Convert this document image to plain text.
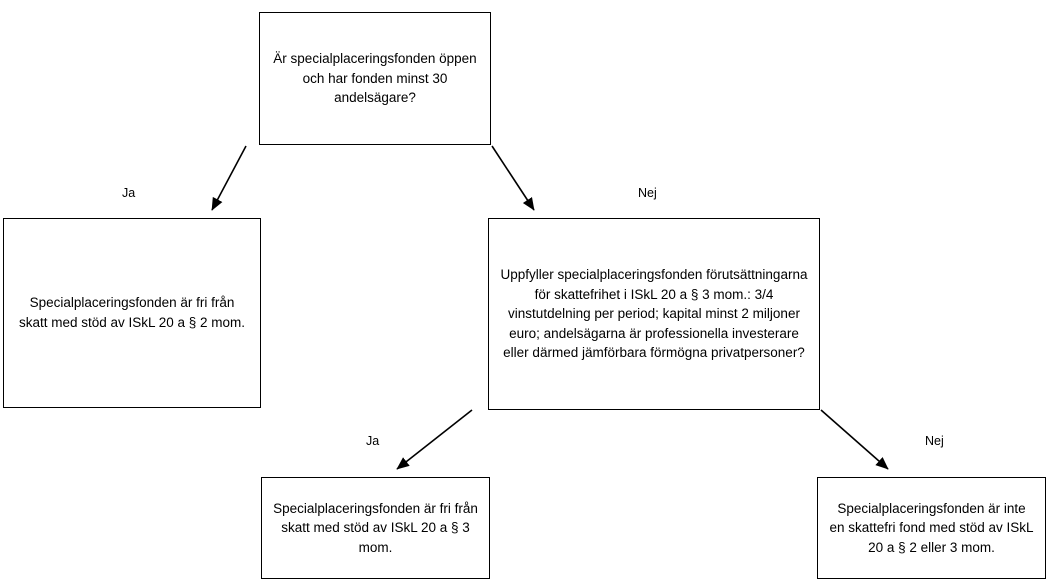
Är specialplaceringsfonden öppen och har fonden minst 30 andelsägare?
Specialplaceringsfonden är fri från skatt med stöd av ISkL 20 a § 2 mom.
Uppfyller specialplaceringsfonden förutsättningarna för skattefrihet i ISkL 20 a § 3 mom.: 3/4 vinstutdelning per period; kapital minst 2 miljoner euro; andelsägarna är professionella investerare eller därmed jämförbara förmögna privatpersoner?
Specialplaceringsfonden är fri från skatt med stöd av ISkL 20 a § 3 mom.
Specialplaceringsfonden är inte en skattefri fond med stöd av ISkL 20 a § 2 eller 3 mom.
Ja	Nej
Ja	Nej
